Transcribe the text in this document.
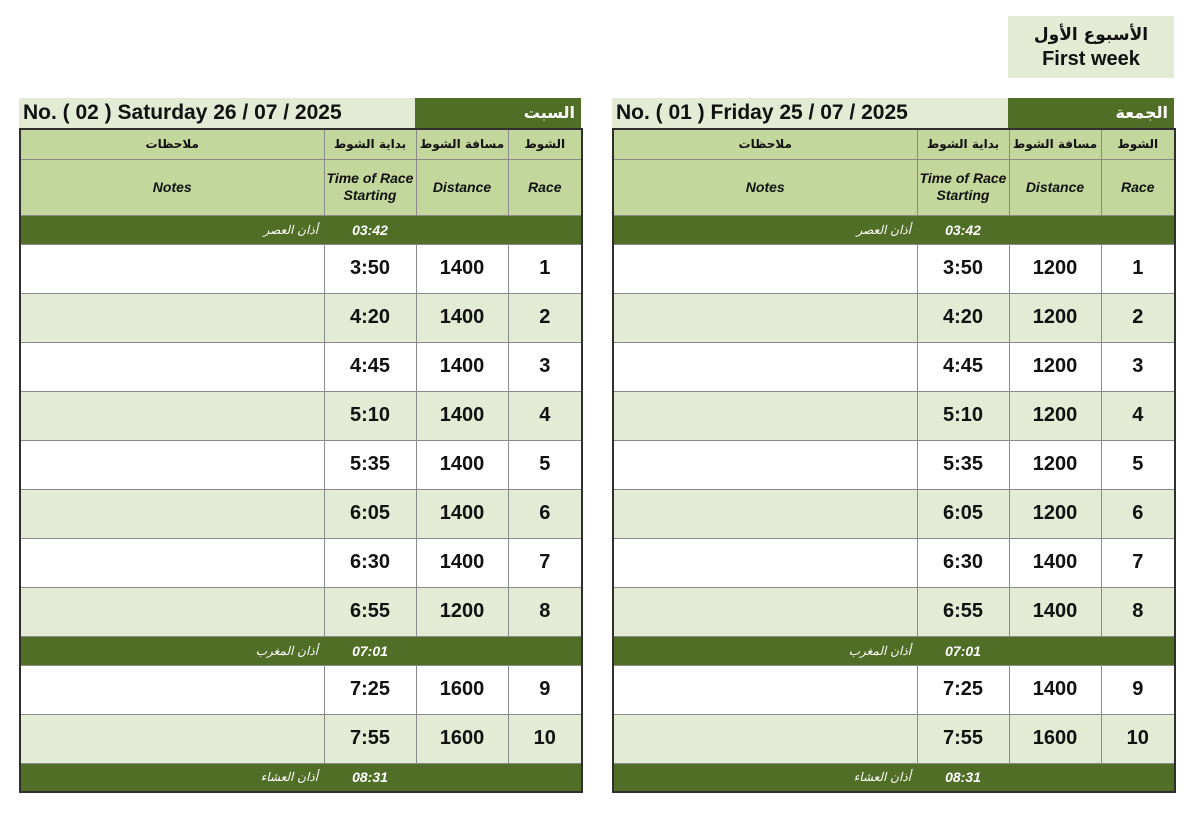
الأسبوع الأول
First week
No. ( 02 ) Saturday 26 / 07 / 2025	السبت
ملاحظات	بداية الشوط	مسافة الشوط	الشوط
Notes	Time of Race Starting	Distance	Race
أذان العصر	03:42		
	3:50	1400	1
	4:20	1400	2
	4:45	1400	3
	5:10	1400	4
	5:35	1400	5
	6:05	1400	6
	6:30	1400	7
	6:55	1200	8
أذان المغرب	07:01		
	7:25	1600	9
	7:55	1600	10
أذان العشاء	08:31		
No. ( 01 ) Friday 25 / 07 / 2025	الجمعة
ملاحظات	بداية الشوط	مسافة الشوط	الشوط
Notes	Time of Race Starting	Distance	Race
أذان العصر	03:42		
	3:50	1200	1
	4:20	1200	2
	4:45	1200	3
	5:10	1200	4
	5:35	1200	5
	6:05	1200	6
	6:30	1400	7
	6:55	1400	8
أذان المغرب	07:01		
	7:25	1400	9
	7:55	1600	10
أذان العشاء	08:31		
